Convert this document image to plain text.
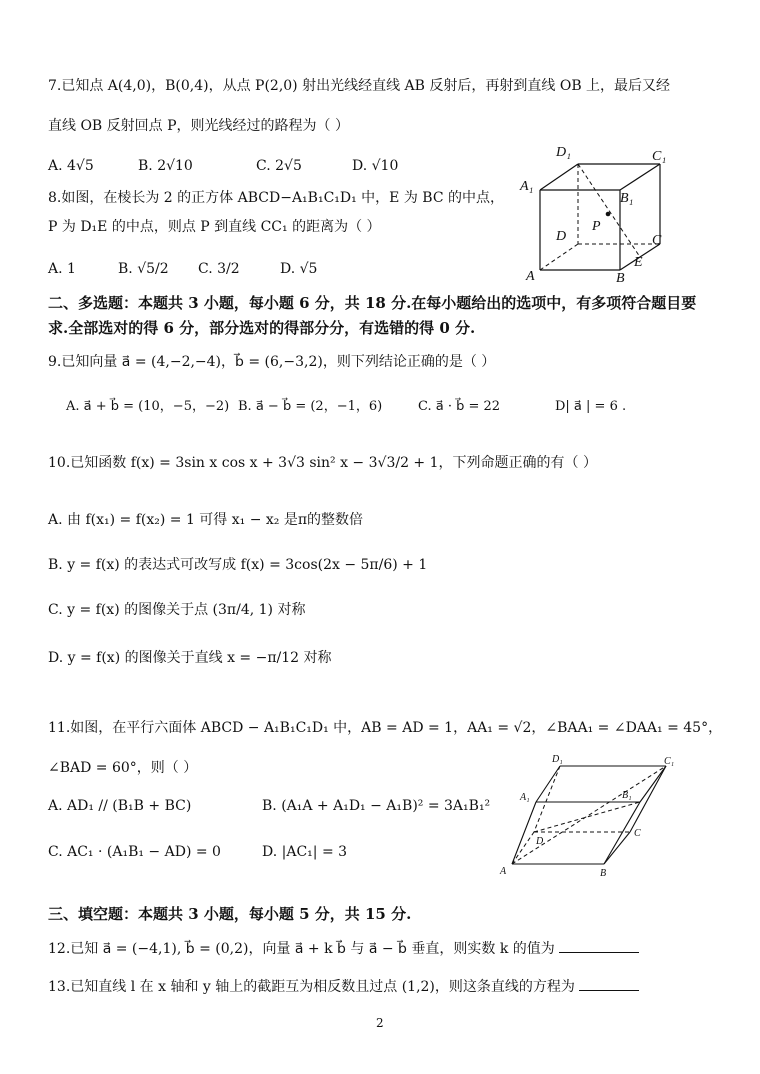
7.已知点 A(4,0)，B(0,4)，从点 P(2,0) 射出光线经直线 AB 反射后，再射到直线 OB 上，最后又经
直线 OB 反射回点 P，则光线经过的路程为（ ）
A. 4√5	B. 2√10	C. 2√5	D. √10
8.如图，在棱长为 2 的正方体 ABCD−A₁B₁C₁D₁ 中，E 为 BC 的中点，
P 为 D₁E 的中点，则点 P 到直线 CC₁ 的距离为（ ）
A. 1	B. √5/2 C. 3/2	D. √5
D₁	C₁
A₁
B₁
D
P
C
A
E
B
二、多选题：本题共 3 小题，每小题 6 分，共 18 分.在每小题给出的选项中，有多项符合题目要
求.全部选对的得 6 分，部分选对的得部分分，有选错的得 0 分.
9.已知向量 a⃗ = (4,−2,−4)，b⃗ = (6,−3,2)，则下列结论正确的是（ ）
A. a⃗ + b⃗ = (10，−5，−2) B. a⃗ − b⃗ = (2，−1，6)	C. a⃗ · b⃗ = 22	D| a⃗ | = 6 .
10.已知函数 f(x) = 3sin x cos x + 3√3 sin² x − 3√3/2 + 1，下列命题正确的有（ ）
A. 由 f(x₁) = f(x₂) = 1 可得 x₁ − x₂ 是π的整数倍
B. y = f(x) 的表达式可改写成 f(x) = 3cos(2x − 5π/6) + 1
C. y = f(x) 的图像关于点 (3π/4, 1) 对称
D. y = f(x) 的图像关于直线 x = −π/12 对称
11.如图，在平行六面体 ABCD − A₁B₁C₁D₁ 中，AB = AD = 1，AA₁ = √2，∠BAA₁ = ∠DAA₁ = 45°，
∠BAD = 60°，则（ ）
A. AD₁ // (B₁B + BC)	B. (A₁A + A₁D₁ − A₁B)² = 3A₁B₁²
C. AC₁ · (A₁B₁ − AD) = 0	D. |AC₁| = 3
D₁	C₁
A₁	B₁
D
C
A	B
三、填空题：本题共 3 小题，每小题 5 分，共 15 分.
12.已知 a⃗ = (−4,1), b⃗ = (0,2)，向量 a⃗ + k b⃗ 与 a⃗ − b⃗ 垂直，则实数 k 的值为
13.已知直线 l 在 x 轴和 y 轴上的截距互为相反数且过点 (1,2)，则这条直线的方程为
2
